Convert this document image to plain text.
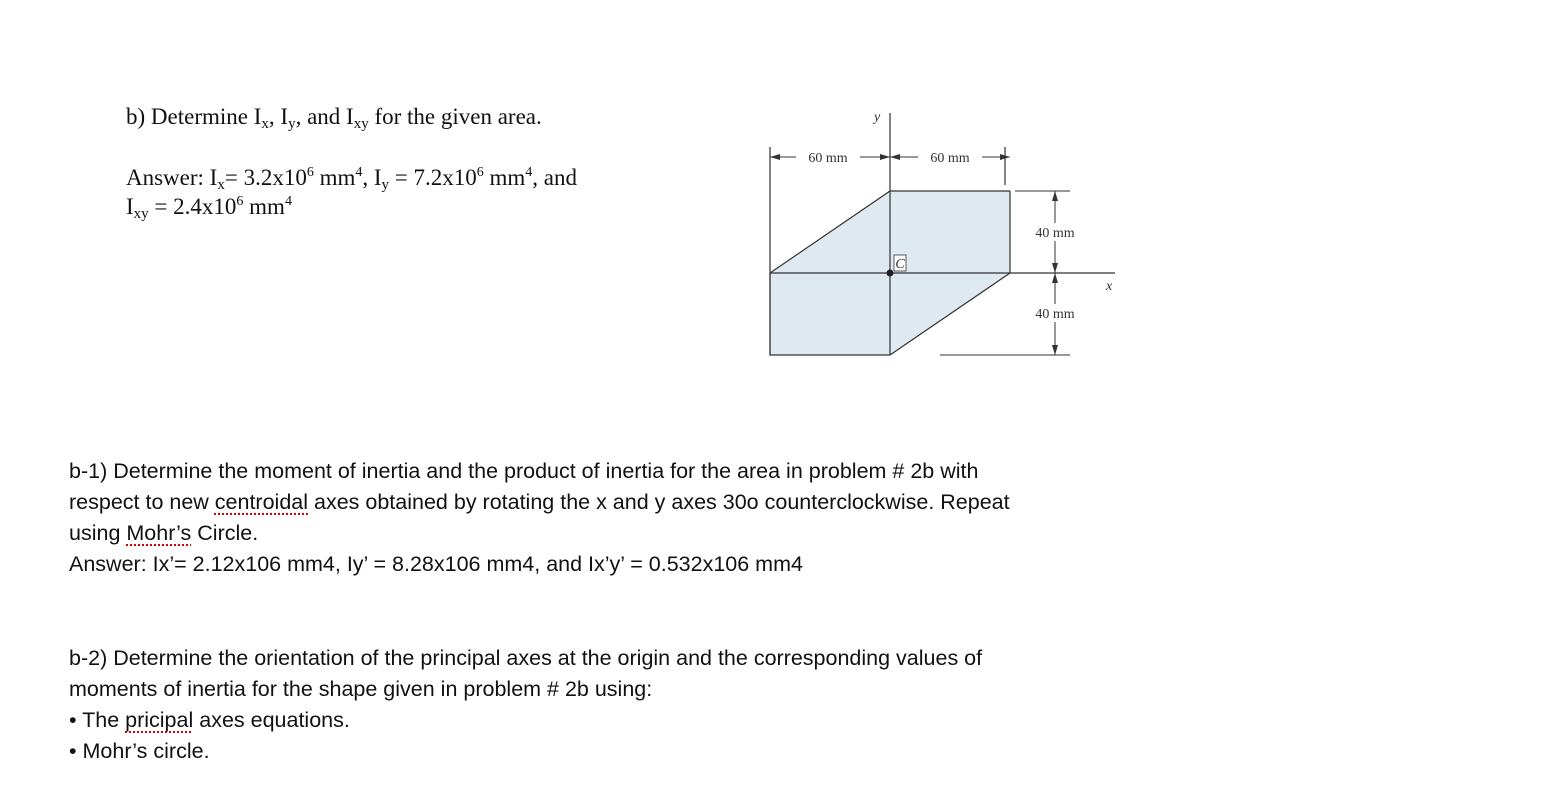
b) Determine $I_x$, $I_y$, and $I_{xy}$ for the given area.
Answer: $I_x= 3.2x10^6$ $mm^4$, $I_y = 7.2x10^6$ $mm^4$, and
$I_{xy} = 2.4x10^6$ $mm^4$
60 mm	60 mm
40 mm
40 mm
C
y
x
b-1) Determine the moment of inertia and the product of inertia for the area in problem # 2b with
respect to new centroidal axes obtained by rotating the x and y axes 30o counterclockwise. Repeat
using Mohr’s Circle.
Answer: Ix’= 2.12x106 mm4, Iy’ = 8.28x106 mm4, and Ix’y’ = 0.532x106 mm4
b-2) Determine the orientation of the principal axes at the origin and the corresponding values of
moments of inertia for the shape given in problem # 2b using:
• The pricipal axes equations.
• Mohr’s circle.
